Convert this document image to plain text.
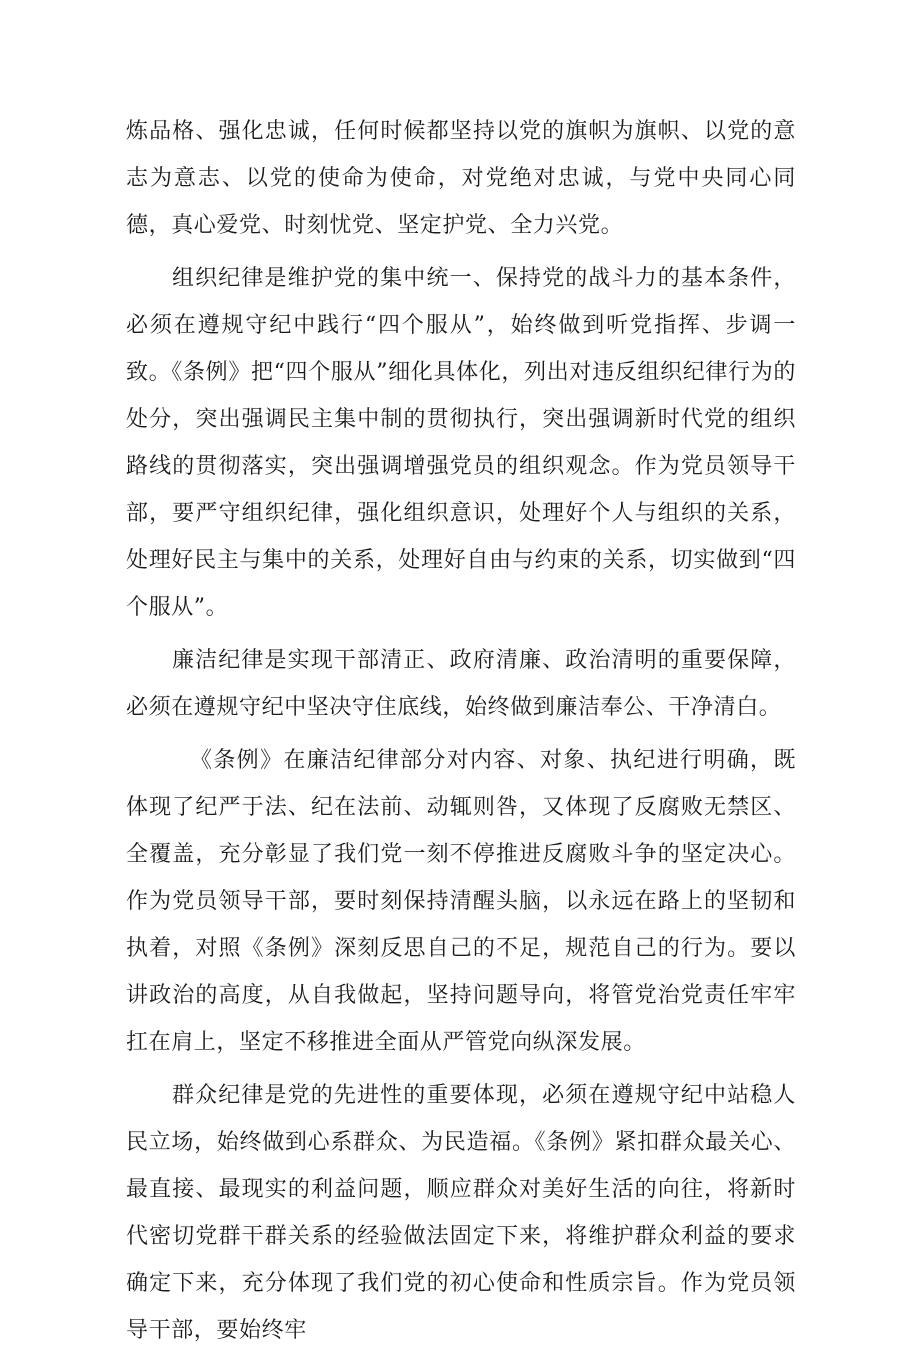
炼品格、强化忠诚，任何时候都坚持以党的旗帜为旗帜、以党的意志为意志、以党的使命为使命，对党绝对忠诚，与党中央同心同德，真心爱党、时刻忧党、坚定护党、全力兴党。

组织纪律是维护党的集中统一、保持党的战斗力的基本条件，必须在遵规守纪中践行“四个服从”，始终做到听党指挥、步调一致。《条例》把“四个服从”细化具体化，列出对违反组织纪律行为的处分，突出强调民主集中制的贯彻执行，突出强调新时代党的组织路线的贯彻落实，突出强调增强党员的组织观念。作为党员领导干部，要严守组织纪律，强化组织意识，处理好个人与组织的关系，处理好民主与集中的关系，处理好自由与约束的关系，切实做到“四个服从”。

廉洁纪律是实现干部清正、政府清廉、政治清明的重要保障，必须在遵规守纪中坚决守住底线，始终做到廉洁奉公、干净清白。

《条例》在廉洁纪律部分对内容、对象、执纪进行明确，既体现了纪严于法、纪在法前、动辄则咎，又体现了反腐败无禁区、全覆盖，充分彰显了我们党一刻不停推进反腐败斗争的坚定决心。作为党员领导干部，要时刻保持清醒头脑，以永远在路上的坚韧和执着，对照《条例》深刻反思自己的不足，规范自己的行为。要以讲政治的高度，从自我做起，坚持问题导向，将管党治党责任牢牢扛在肩上，坚定不移推进全面从严管党向纵深发展。

群众纪律是党的先进性的重要体现，必须在遵规守纪中站稳人民立场，始终做到心系群众、为民造福。《条例》紧扣群众最关心、最直接、最现实的利益问题，顺应群众对美好生活的向往，将新时代密切党群干群关系的经验做法固定下来，将维护群众利益的要求确定下来，充分体现了我们党的初心使命和性质宗旨。作为党员领导干部，要始终牢
